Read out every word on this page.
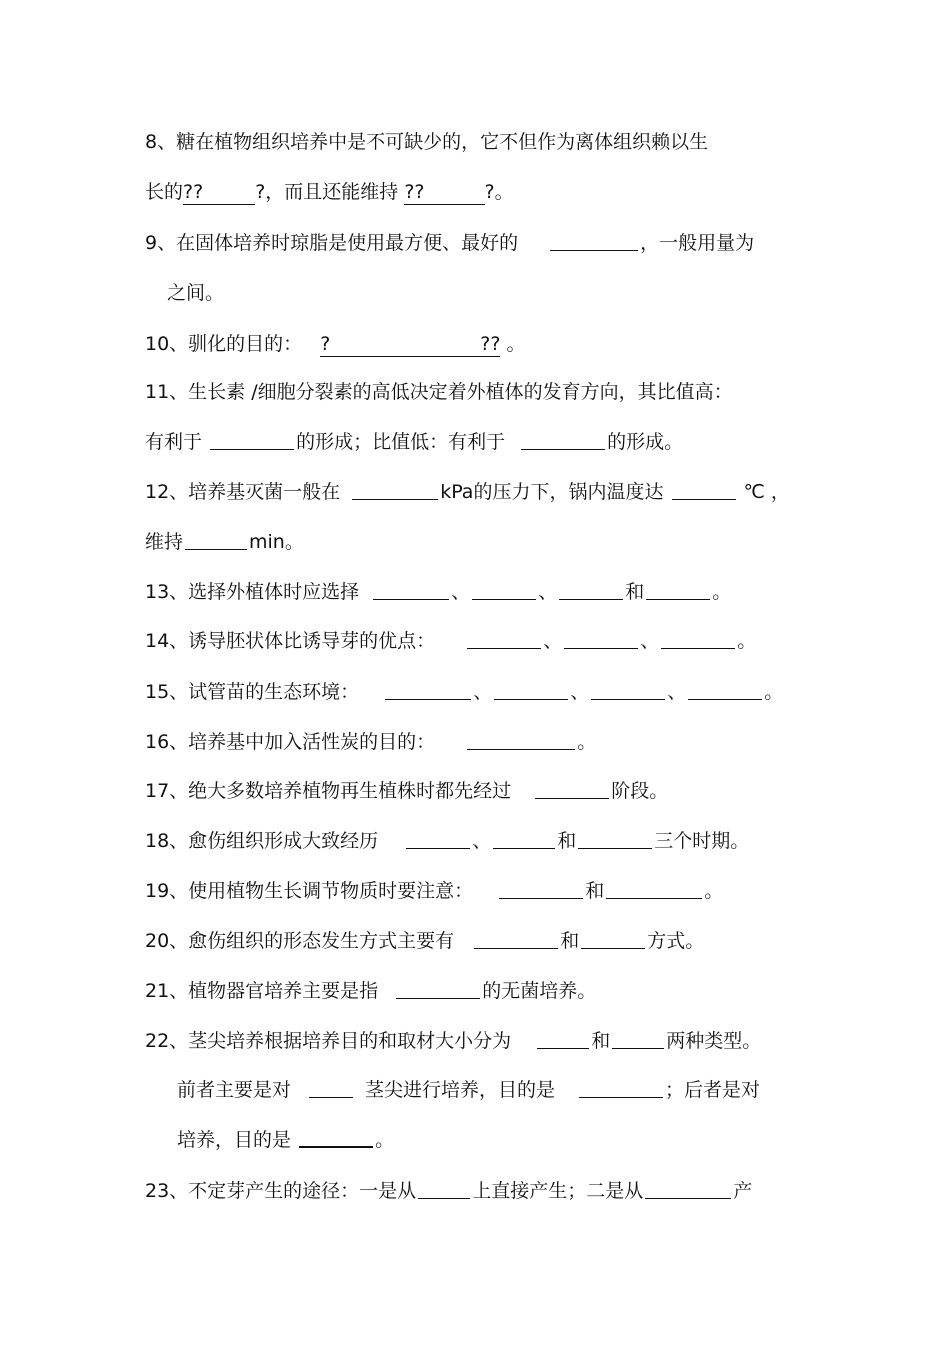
8、糖在植物组织培养中是不可缺少的，它不但作为离体组织赖以生
长的??	?，而且还能维持 ??	?。
9、在固体培养时琼脂是使用最方便、最好的	，一般用量为
之间。
10、驯化的目的： ?	?? 。
11、生长素 /细胞分裂素的高低决定着外植体的发育方向，其比值高：
有利于	的形成；比值低：有利于	的形成。
12、培养基灭菌一般在	kPa的压力下，锅内温度达	℃ ，
维持	min。
13、选择外植体时应选择	、	、	和	。
14、诱导胚状体比诱导芽的优点：	、	、	。
15、试管苗的生态环境：	、	、	、	。
16、培养基中加入活性炭的目的：	。
17、绝大多数培养植物再生植株时都先经过	阶段。
18、愈伤组织形成大致经历	、	和	三个时期。
19、使用植物生长调节物质时要注意：	和	。
20、愈伤组织的形态发生方式主要有	和	方式。
21、植物器官培养主要是指	的无菌培养。
22、茎尖培养根据培养目的和取材大小分为	和	两种类型。
前者主要是对	茎尖进行培养，目的是	；后者是对
培养，目的是	。
23、不定芽产生的途径：一是从	上直接产生；二是从	产
